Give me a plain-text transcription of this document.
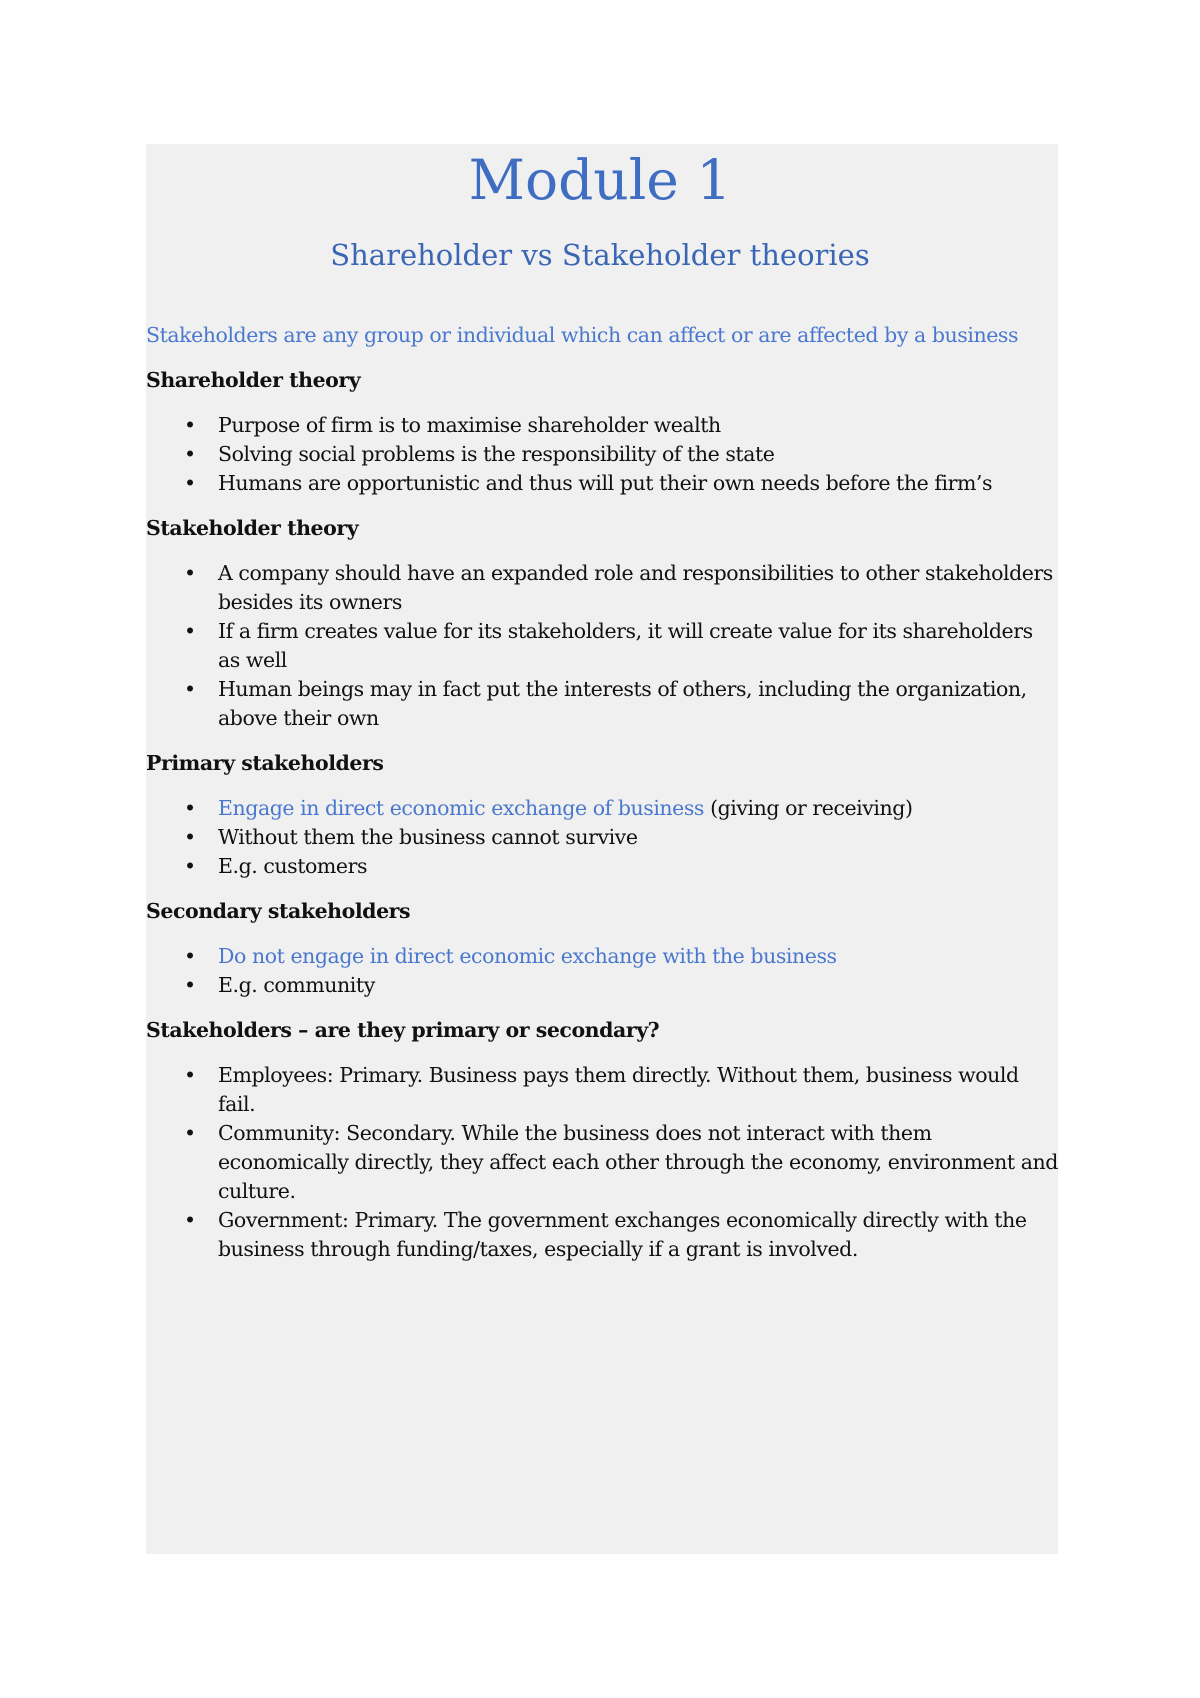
Module 1
Shareholder vs Stakeholder theories

Stakeholders are any group or individual which can affect or are affected by a business

Shareholder theory
• Purpose of firm is to maximise shareholder wealth
• Solving social problems is the responsibility of the state
• Humans are opportunistic and thus will put their own needs before the firm’s
Stakeholder theory
• A company should have an expanded role and responsibilities to other stakeholders besides its owners
• If a firm creates value for its stakeholders, it will create value for its shareholders as well
• Human beings may in fact put the interests of others, including the organization, above their own
Primary stakeholders
• Engage in direct economic exchange of business (giving or receiving)
• Without them the business cannot survive
• E.g. customers
Secondary stakeholders
• Do not engage in direct economic exchange with the business
• E.g. community
Stakeholders – are they primary or secondary?
• Employees: Primary. Business pays them directly. Without them, business would fail.
• Community: Secondary. While the business does not interact with them economically directly, they affect each other through the economy, environment and culture.
• Government: Primary. The government exchanges economically directly with the business through funding/taxes, especially if a grant is involved.
